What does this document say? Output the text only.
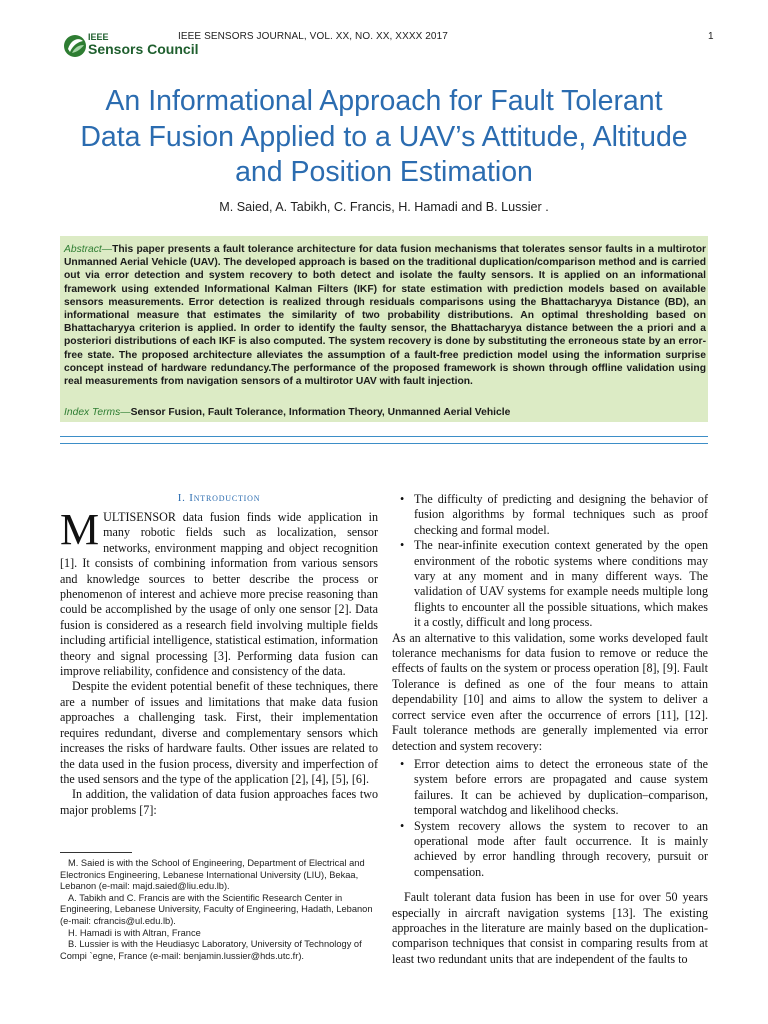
IEEE
Sensors Council
IEEE SENSORS JOURNAL, VOL. XX, NO. XX, XXXX 2017	1
An Informational Approach for Fault Tolerant
Data Fusion Applied to a UAV’s Attitude, Altitude
and Position Estimation
M. Saied, A. Tabikh, C. Francis, H. Hamadi and B. Lussier .
Abstract—This paper presents a fault tolerance architecture for data fusion mechanisms that tolerates sensor faults in a multirotor Unmanned Aerial Vehicle (UAV). The developed approach is based on the traditional duplication/comparison method and is carried out via error detection and system recovery to both detect and isolate the faulty sensors. It is applied on an informational framework using extended Informational Kalman Filters (IKF) for state estimation with prediction models based on available sensors measurements. Error detection is realized through residuals comparisons using the Bhattacharyya Distance (BD), an informational measure that estimates the similarity of two probability distributions. An optimal thresholding based on Bhattacharyya criterion is applied. In order to identify the faulty sensor, the Bhattacharyya distance between the a priori and a posteriori distributions of each IKF is also computed. The system recovery is done by substituting the erroneous state by an error-free state. The proposed architecture alleviates the assumption of a fault-free prediction model using the information surprise concept instead of hardware redundancy.The performance of the proposed framework is shown through offline validation using real measurements from navigation sensors of a multirotor UAV with fault injection.
Index Terms—Sensor Fusion, Fault Tolerance, Information Theory, Unmanned Aerial Vehicle
I. Introduction

MULTISENSOR data fusion finds wide application in many robotic fields such as localization, sensor networks, environment mapping and object recognition [1]. It consists of combining information from various sensors and knowledge sources to better describe the process or phenomenon of interest and achieve more precise reasoning than could be accomplished by the usage of only one sensor [2]. Data fusion is considered as a research field involving multiple fields including artificial intelligence, statistical estimation, information theory and signal processing [3]. Performing data fusion can improve reliability, confidence and consistency of the data.

Despite the evident potential benefit of these techniques, there are a number of issues and limitations that make data fusion approaches a challenging task. First, their implementation requires redundant, diverse and complementary sensors which increases the risks of hardware faults. Other issues are related to the data used in the fusion process, diversity and imperfection of the used sensors and the type of the application [2], [4], [5], [6].

In addition, the validation of data fusion approaches faces two major problems [7]:

M. Saied is with the School of Engineering, Department of Electrical and Electronics Engineering, Lebanese International University (LIU), Bekaa, Lebanon (e-mail: majd.saied@liu.edu.lb).
A. Tabikh and C. Francis are with the Scientific Research Center in Engineering, Lebanese University, Faculty of Engineering, Hadath, Lebanon (e-mail: cfrancis@ul.edu.lb).
H. Hamadi is with Altran, France
B. Lussier is with the Heudiasyc Laboratory, University of Technology of Compi `egne, France (e-mail: benjamin.lussier@hds.utc.fr).
• The difficulty of predicting and designing the behavior of fusion algorithms by formal techniques such as proof checking and formal model.
• The near-infinite execution context generated by the open environment of the robotic systems where conditions may vary at any moment and in many different ways. The validation of UAV systems for example needs multiple long flights to encounter all the possible situations, which makes it a costly, difficult and long process.

As an alternative to this validation, some works developed fault tolerance mechanisms for data fusion to remove or reduce the effects of faults on the system or process operation [8], [9]. Fault Tolerance is defined as one of the four means to attain dependability [10] and aims to allow the system to deliver a correct service even after the occurrence of errors [11], [12]. Fault tolerance methods are generally implemented via error detection and system recovery:

• Error detection aims to detect the erroneous state of the system before errors are propagated and cause system failures. It can be achieved by duplication–comparison, temporal watchdog and likelihood checks.
• System recovery allows the system to recover to an operational mode after fault occurrence. It is mainly achieved by error handling through recovery, pursuit or compensation.

Fault tolerant data fusion has been in use for over 50 years especially in aircraft navigation systems [13]. The existing approaches in the literature are mainly based on the duplication-comparison techniques that consist in comparing results from at least two redundant units that are independent of the faults to
